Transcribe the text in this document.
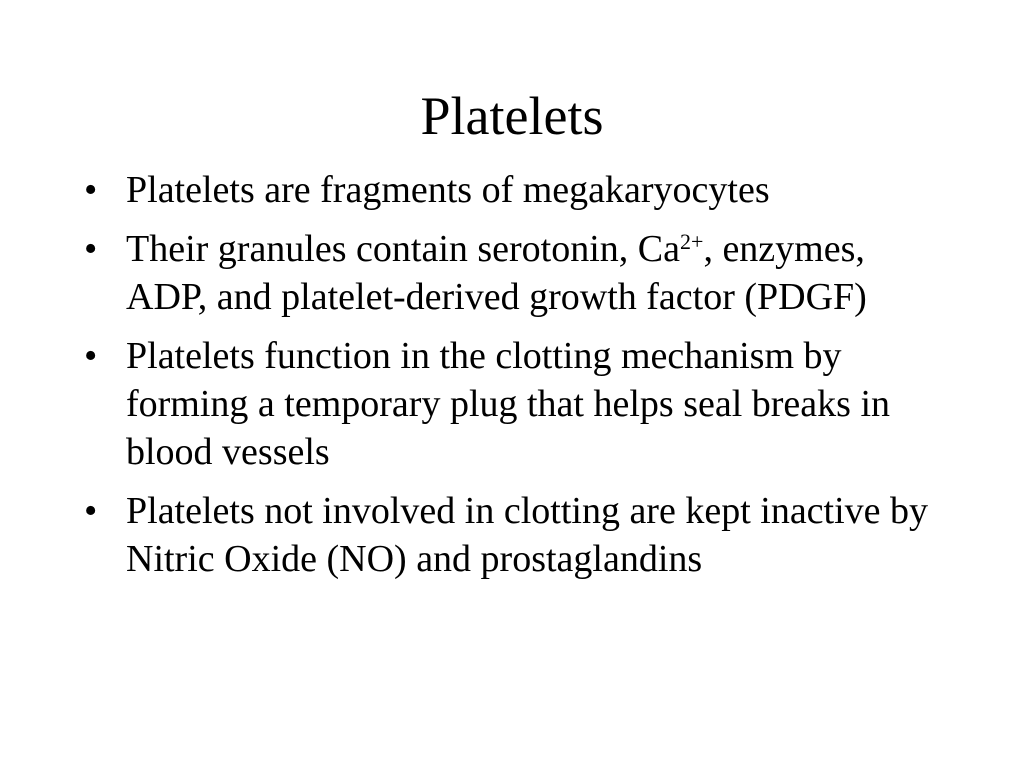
Platelets
• Platelets are fragments of megakaryocytes
• Their granules contain serotonin, $Ca^{2+}$, enzymes, ADP, and platelet-derived growth factor (PDGF)
• Platelets function in the clotting mechanism by forming a temporary plug that helps seal breaks in blood vessels
• Platelets not involved in clotting are kept inactive by Nitric Oxide (NO) and prostaglandins
